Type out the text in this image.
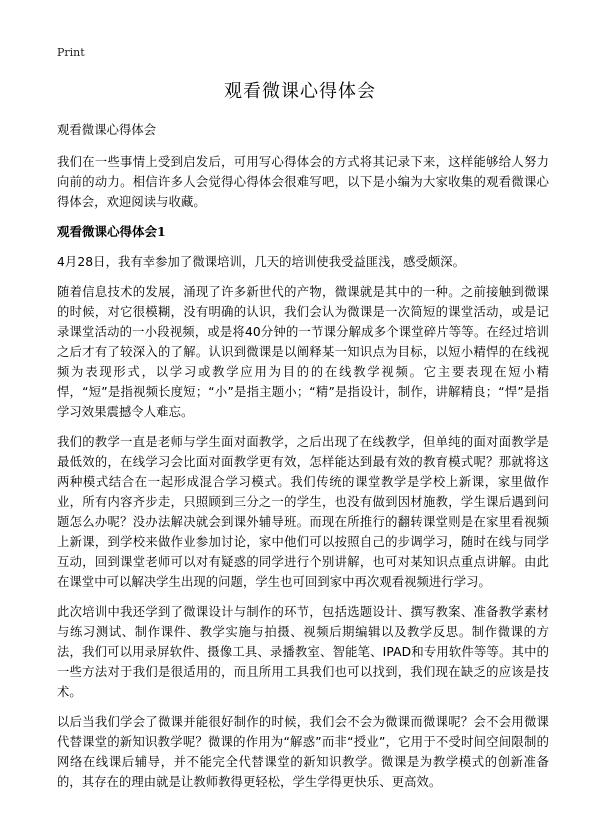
Print
观看微课心得体会

观看微课心得体会

我们在一些事情上受到启发后，可用写心得体会的方式将其记录下来，这样能够给人努力向前的动力。相信许多人会觉得心得体会很难写吧，以下是小编为大家收集的观看微课心得体会，欢迎阅读与收藏。

观看微课心得体会1

4月28日，我有幸参加了微课培训，几天的培训使我受益匪浅，感受颇深。

随着信息技术的发展，涌现了许多新世代的产物，微课就是其中的一种。之前接触到微课的时候，对它很模糊，没有明确的认识，我们会认为微课是一次简短的课堂活动，或是记录课堂活动的一小段视频，或是将40分钟的一节课分解成多个课堂碎片等等。在经过培训之后才有了较深入的了解。认识到微课是以阐释某一知识点为目标，以短小精悍的在线视频为表现形式，以学习或教学应用为目的的在线教学视频。它主要表现在短小精悍，“短”是指视频长度短；“小”是指主题小；“精”是指设计，制作，讲解精良；“悍”是指学习效果震撼令人难忘。

我们的教学一直是老师与学生面对面教学，之后出现了在线教学，但单纯的面对面教学是最低效的，在线学习会比面对面教学更有效，怎样能达到最有效的教育模式呢？那就将这两种模式结合在一起形成混合学习模式。我们传统的课堂教学是学校上新课，家里做作业，所有内容齐步走，只照顾到三分之一的学生，也没有做到因材施教，学生课后遇到问题怎么办呢？没办法解决就会到课外辅导班。而现在所推行的翻转课堂则是在家里看视频上新课，到学校来做作业参加讨论，家中他们可以按照自己的步调学习，随时在线与同学互动，回到课堂老师可以对有疑惑的同学进行个别讲解，也可对某知识点重点讲解。由此在课堂中可以解决学生出现的问题，学生也可回到家中再次观看视频进行学习。

此次培训中我还学到了微课设计与制作的环节，包括选题设计、撰写教案、准备教学素材与练习测试、制作课件、教学实施与拍摄、视频后期编辑以及教学反思。制作微课的方法，我们可以用录屏软件、摄像工具、录播教室、智能笔、IPAD和专用软件等等。其中的一些方法对于我们是很适用的，而且所用工具我们也可以找到，我们现在缺乏的应该是技术。

以后当我们学会了微课并能很好制作的时候，我们会不会为微课而微课呢？会不会用微课代替课堂的新知识教学呢？微课的作用为“解惑”而非“授业”，它用于不受时间空间限制的网络在线课后辅导，并不能完全代替课堂的新知识教学。微课是为教学模式的创新准备的，其存在的理由就是让教师教得更轻松，学生学得更快乐、更高效。
